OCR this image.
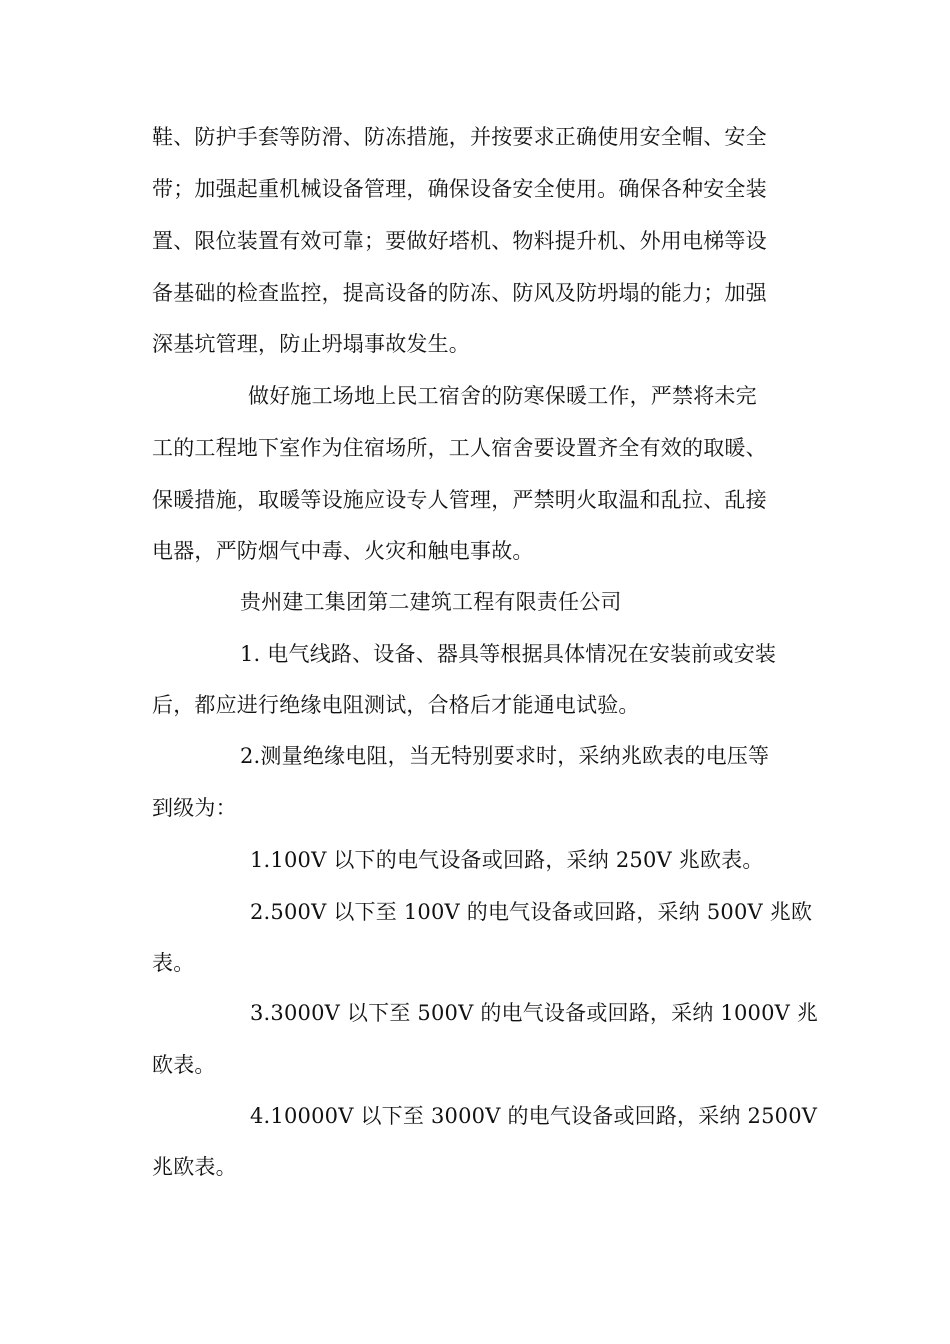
鞋、防护手套等防滑、防冻措施，并按要求正确使用安全帽、安全
带；加强起重机械设备管理，确保设备安全使用。确保各种安全装
置、限位装置有效可靠；要做好塔机、物料提升机、外用电梯等设
备基础的检查监控，提高设备的防冻、防风及防坍塌的能力；加强
深基坑管理，防止坍塌事故发生。
做好施工场地上民工宿舍的防寒保暖工作，严禁将未完
工的工程地下室作为住宿场所，工人宿舍要设置齐全有效的取暖、
保暖措施，取暖等设施应设专人管理，严禁明火取温和乱拉、乱接
电器，严防烟气中毒、火灾和触电事故。
贵州建工集团第二建筑工程有限责任公司
1. 电气线路、设备、器具等根据具体情况在安装前或安装
后，都应进行绝缘电阻测试，合格后才能通电试验。
2.测量绝缘电阻，当无特别要求时，采纳兆欧表的电压等
到级为：
1.100V 以下的电气设备或回路，采纳 250V 兆欧表。
2.500V 以下至 100V 的电气设备或回路，采纳 500V 兆欧
表。
3.3000V 以下至 500V 的电气设备或回路，采纳 1000V 兆
欧表。
4.10000V 以下至 3000V 的电气设备或回路，采纳 2500V
兆欧表。
